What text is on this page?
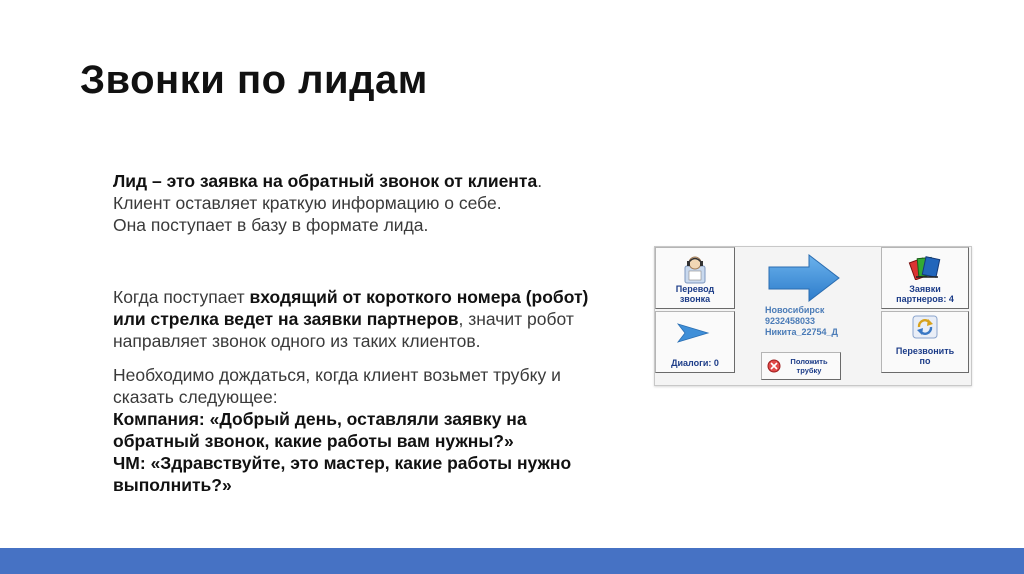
Звонки по лидам

Лид – это заявка на обратный звонок от клиента.
Клиент оставляет краткую информацию о себе.
Она поступает в базу в формате лида.

Когда поступает входящий от короткого номера (робот) или стрелка ведет на заявки партнеров, значит робот направляет звонок одного из таких клиентов.

Необходимо дождаться, когда клиент возьмет трубку и сказать следующее:
Компания: «Добрый день, оставляли заявку на обратный звонок, какие работы вам нужны?»
ЧМ: «Здравствуйте, это мастер, какие работы нужно выполнить?»

Перевод
звонка
Диалоги: 0
Новосибирск
9232458033
Никита_22754_Д
Положить
трубку
Заявки
партнеров: 4
Перезвонить
по
